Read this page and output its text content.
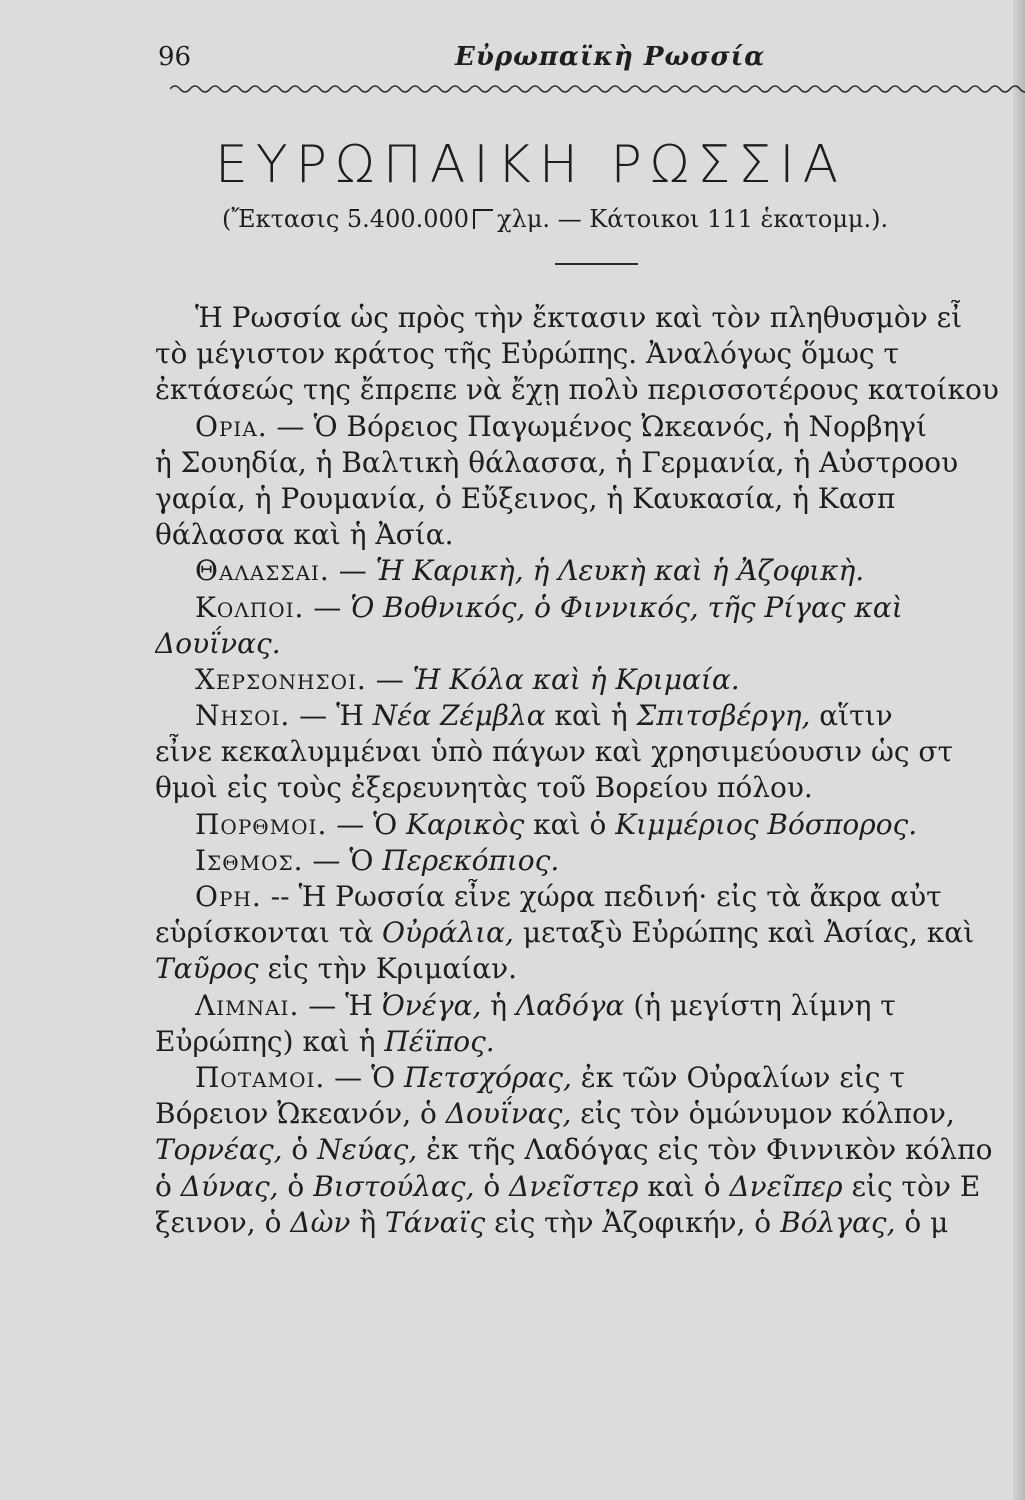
96	Εὐρωπαϊκὴ Ρωσσία
ΕΥΡΩΠΑΙΚΗ ΡΩΣΣΙΑ
(Ἔκτασις 5.400.000 χλμ. — Κάτοικοι 111 ἑκατομμ.).
Ἡ Ρωσσία ὡς πρὸς τὴν ἔκτασιν καὶ τὸν πληθυσμὸν εἶ
τὸ μέγιστον κράτος τῆς Εὐρώπης. Ἀναλόγως ὅμως τ
ἐκτάσεώς της ἔπρεπε νὰ ἔχῃ πολὺ περισσοτέρους κατοίκου
Ορια. — Ὁ Βόρειος Παγωμένος Ὠκεανός, ἡ Νορβηγί
ἡ Σουηδία, ἡ Βαλτικὴ θάλασσα, ἡ Γερμανία, ἡ Αὐστροου
γαρία, ἡ Ρουμανία, ὁ Εὔξεινος, ἡ Καυκασία, ἡ Κασπ
θάλασσα καὶ ἡ Ἀσία.
Θαλασσαι. — Ἡ Καρικὴ, ἡ Λευκὴ καὶ ἡ Ἀζοφικὴ.
Κολποι. — Ὁ Βοθνικός, ὁ Φιννικός, τῆς Ρίγας καὶ
Δουΐνας.
Χερσονησοι. — Ἡ Κόλα καὶ ἡ Κριμαία.
Νησοι. — Ἡ Νέα Ζέμβλα καὶ ἡ Σπιτσβέργη, αἵτιν
εἶνε κεκαλυμμέναι ὑπὸ πάγων καὶ χρησιμεύουσιν ὡς στ
θμοὶ εἰς τοὺς ἐξερευνητὰς τοῦ Βορείου πόλου.
Πορθμοι. — Ὁ Καρικὸς καὶ ὁ Κιμμέριος Βόσπορος.
Ισθμος. — Ὁ Περεκόπιος.
Ορη. -- Ἡ Ρωσσία εἶνε χώρα πεδινή· εἰς τὰ ἄκρα αὐτ
εὑρίσκονται τὰ Οὐράλια, μεταξὺ Εὐρώπης καὶ Ἀσίας, καὶ
Ταῦρος εἰς τὴν Κριμαίαν.
Λιμναι. — Ἡ Ὀνέγα, ἡ Λαδόγα (ἡ μεγίστη λίμνη τ
Εὐρώπης) καὶ ἡ Πέϊπος.
Ποταμοι. — Ὁ Πετσχόρας, ἐκ τῶν Οὐραλίων εἰς τ
Βόρειον Ὠκεανόν, ὁ Δουΐνας, εἰς τὸν ὁμώνυμον κόλπον,
Τορνέας, ὁ Νεύας, ἐκ τῆς Λαδόγας εἰς τὸν Φιννικὸν κόλπο
ὁ Δύνας, ὁ Βιστούλας, ὁ Δνεῖστερ καὶ ὁ Δνεῖπερ εἰς τὸν Ε
ξεινον, ὁ Δὼν ἢ Τάναϊς εἰς τὴν Ἀζοφικήν, ὁ Βόλγας, ὁ μ
